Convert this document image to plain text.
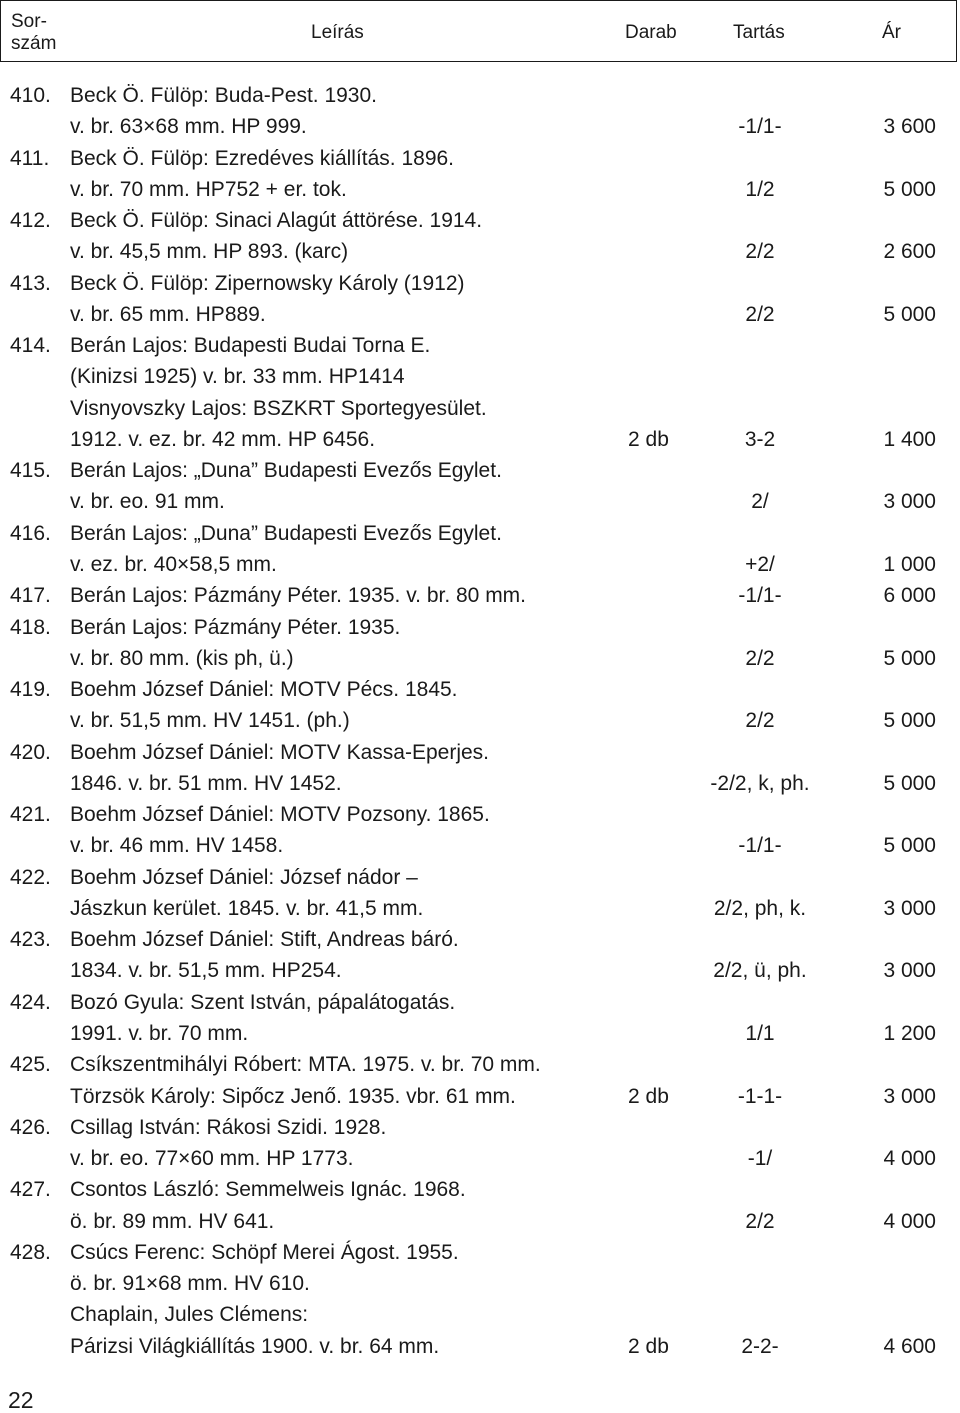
Sor-
szám
Leírás	Darab	Tartás	Ár
410. Beck Ö. Fülöp: Buda-Pest. 1930.
v. br. 63×68 mm. HP 999.	-1/1-	3 600
411. Beck Ö. Fülöp: Ezredéves kiállítás. 1896.
v. br. 70 mm. HP752 + er. tok.	1/2	5 000
412. Beck Ö. Fülöp: Sinaci Alagút áttörése. 1914.
v. br. 45,5 mm. HP 893. (karc)	2/2	2 600
413. Beck Ö. Fülöp: Zipernowsky Károly (1912)
v. br. 65 mm. HP889.	2/2	5 000
414. Berán Lajos: Budapesti Budai Torna E.
(Kinizsi 1925) v. br. 33 mm. HP1414
Visnyovszky Lajos: BSZKRT Sportegyesület.
1912. v. ez. br. 42 mm. HP 6456.	2 db	3-2	1 400
415. Berán Lajos: „Duna” Budapesti Evezős Egylet.
v. br. eo. 91 mm.	2/	3 000
416. Berán Lajos: „Duna” Budapesti Evezős Egylet.
v. ez. br. 40×58,5 mm.	+2/	1 000
417. Berán Lajos: Pázmány Péter. 1935. v. br. 80 mm.	-1/1-	6 000
418. Berán Lajos: Pázmány Péter. 1935.
v. br. 80 mm. (kis ph, ü.)	2/2	5 000
419. Boehm József Dániel: MOTV Pécs. 1845.
v. br. 51,5 mm. HV 1451. (ph.)	2/2	5 000
420. Boehm József Dániel: MOTV Kassa-Eperjes.
1846. v. br. 51 mm. HV 1452.	-2/2, k, ph.	5 000
421. Boehm József Dániel: MOTV Pozsony. 1865.
v. br. 46 mm. HV 1458.	-1/1-	5 000
422. Boehm József Dániel: József nádor –
Jászkun kerület. 1845. v. br. 41,5 mm.	2/2, ph, k.	3 000
423. Boehm József Dániel: Stift, Andreas báró.
1834. v. br. 51,5 mm. HP254.	2/2, ü, ph.	3 000
424. Bozó Gyula: Szent István, pápalátogatás.
1991. v. br. 70 mm.	1/1	1 200
425. Csíkszentmihályi Róbert: MTA. 1975. v. br. 70 mm.
Törzsök Károly: Sipőcz Jenő. 1935. vbr. 61 mm.	2 db	-1-1-	3 000
426. Csillag István: Rákosi Szidi. 1928.
v. br. eo. 77×60 mm. HP 1773.	-1/	4 000
427. Csontos László: Semmelweis Ignác. 1968.
ö. br. 89 mm. HV 641.	2/2	4 000
428. Csúcs Ferenc: Schöpf Merei Ágost. 1955.
ö. br. 91×68 mm. HV 610.
Chaplain, Jules Clémens:
Párizsi Világkiállítás 1900. v. br. 64 mm.	2 db	2-2-	4 600
22
